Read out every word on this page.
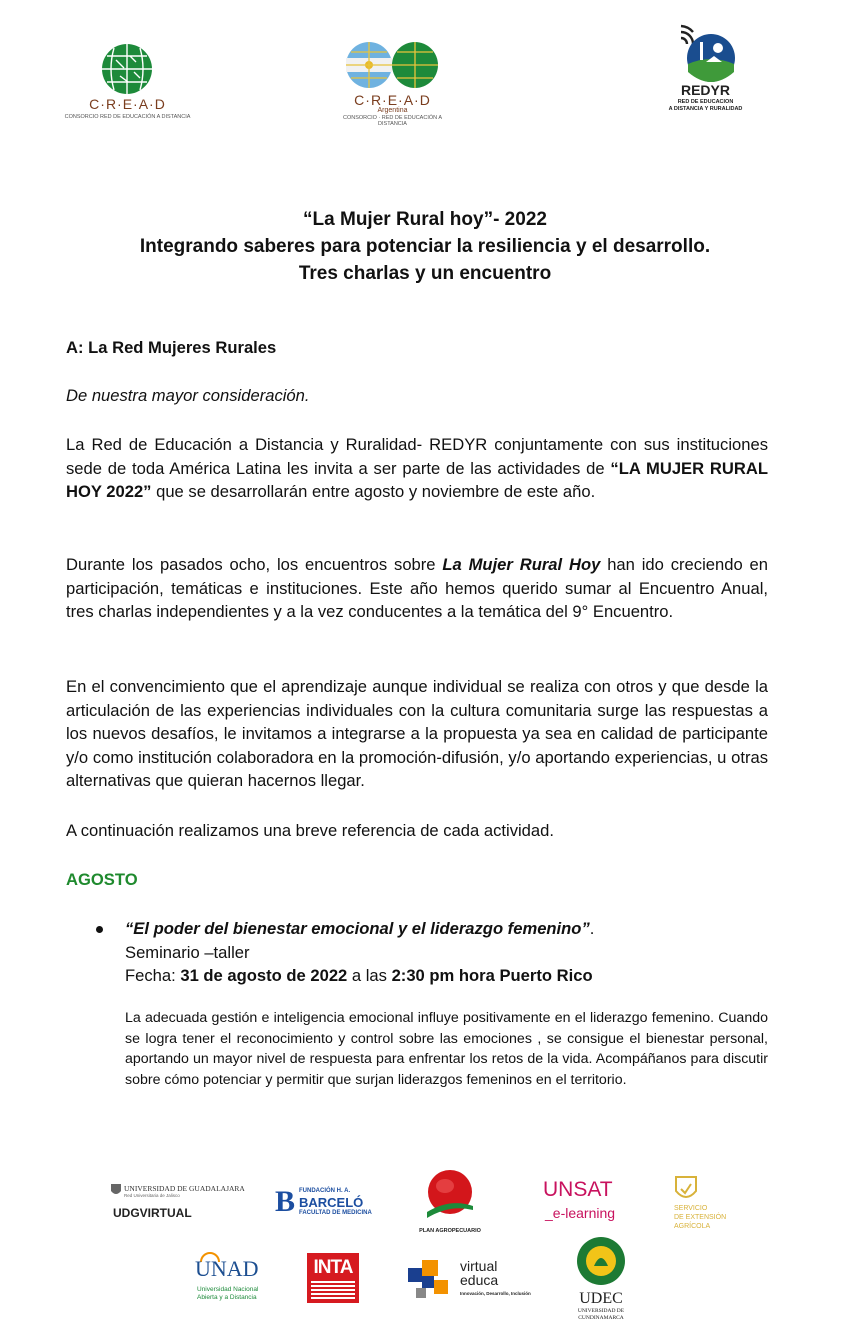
C·R·E·A·D
CONSORCIO RED DE EDUCACIÓN A DISTANCIA
C·R·E·A·D
Argentina
CONSORCIO · RED DE EDUCACIÓN A DISTANCIA
REDYR
RED DE EDUCACION
A DISTANCIA Y RURALIDAD
“La Mujer Rural hoy”- 2022
Integrando saberes para potenciar la resiliencia y el desarrollo.
Tres charlas y un encuentro
A: La Red Mujeres Rurales
De nuestra mayor consideración.
La Red de Educación a Distancia y Ruralidad- REDYR conjuntamente con sus instituciones sede de toda América Latina les invita a ser parte de las actividades de “LA MUJER RURAL HOY 2022” que se desarrollarán entre agosto y noviembre de este año.
Durante los pasados ocho, los encuentros sobre La Mujer Rural Hoy han ido creciendo en participación, temáticas e instituciones. Este año hemos querido sumar al Encuentro Anual, tres charlas independientes y a la vez conducentes a la temática del 9° Encuentro.
En el convencimiento que el aprendizaje aunque individual se realiza con otros y que desde la articulación de las experiencias individuales con la cultura comunitaria surge las respuestas a los nuevos desafíos, le invitamos a integrarse a la propuesta ya sea en calidad de participante y/o como institución colaboradora en la promoción-difusión, y/o aportando experiencias, u otras alternativas que quieran hacernos llegar.
A continuación realizamos una breve referencia de cada actividad.
AGOSTO
“El poder del bienestar emocional y el liderazgo femenino”.
Seminario –taller
Fecha: 31 de agosto de 2022 a las 2:30 pm hora Puerto Rico
La adecuada gestión e inteligencia emocional influye positivamente en el liderazgo femenino. Cuando se logra tener el reconocimiento y control sobre las emociones , se consigue el bienestar personal, aportando un mayor nivel de respuesta para enfrentar los retos de la vida. Acompáñanos para discutir sobre cómo potenciar y permitir que surjan liderazgos femeninos en el territorio.
UNIVERSIDAD DE GUADALAJARA
Red Universitaria de Jalisco
UDGVIRTUAL	B FUNDACIÓN H. A.
BARCELÓ
FACULTAD DE MEDICINA
PLAN AGROPECUARIO
UNSAT
_e-learning	SERVICIO
DE EXTENSIÓN
AGRÍCOLA
UNAD
Universidad Nacional
Abierta y a Distancia
INTA	virtual
educa
Innovación, Desarrollo, Inclusión	UDEC
UNIVERSIDAD DE
CUNDINAMARCA
